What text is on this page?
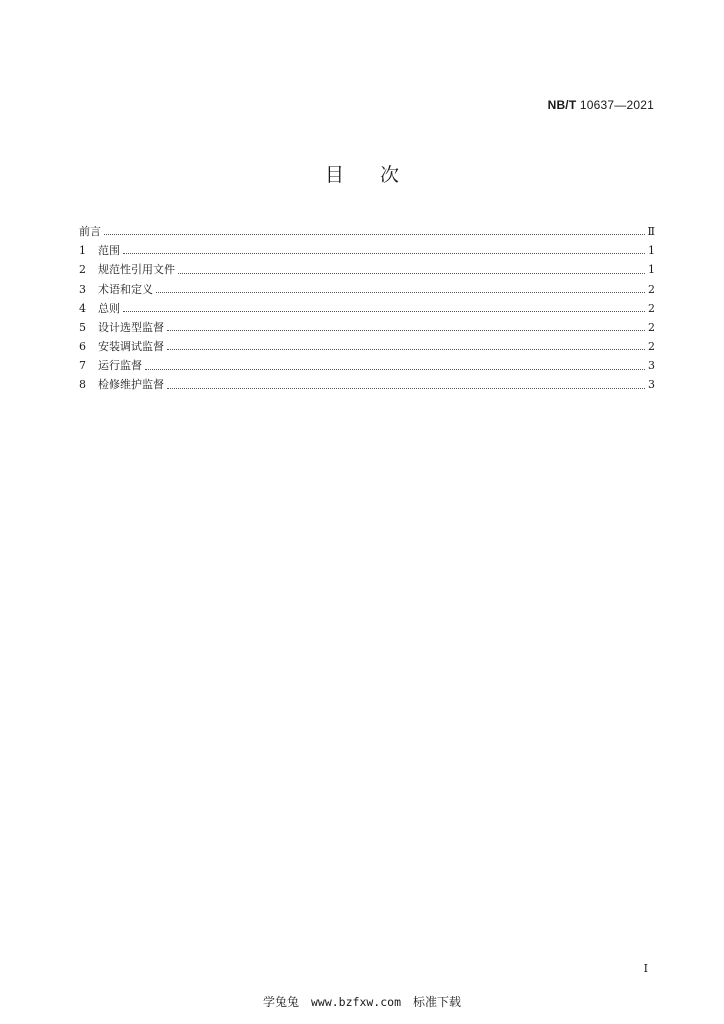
NB/T 10637—2021
目次
前言	Ⅱ
1	范围	1
2	规范性引用文件	1
3	术语和定义	2
4	总则	2
5	设计选型监督	2
6	安装调试监督	2
7	运行监督	3
8	检修维护监督	3
I
学兔兔 www.bzfxw.com 标准下载
